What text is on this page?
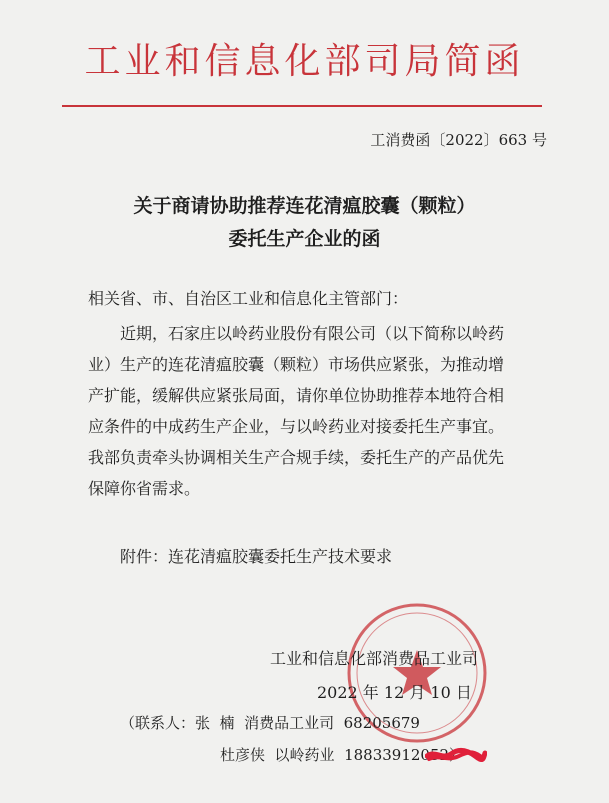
工业和信息化部司局简函
工消费函〔2022〕663 号
关于商请协助推荐连花清瘟胶囊（颗粒）
委托生产企业的函
相关省、市、自治区工业和信息化主管部门：
近期，石家庄以岭药业股份有限公司（以下简称以岭药
业）生产的连花清瘟胶囊（颗粒）市场供应紧张，为推动增
产扩能，缓解供应紧张局面，请你单位协助推荐本地符合相
应条件的中成药生产企业，与以岭药业对接委托生产事宜。
我部负责牵头协调相关生产合规手续，委托生产的产品优先
保障你省需求。
附件：连花清瘟胶囊委托生产技术要求
工业和信息化部消费品工业司
2022 年 12 月 10 日
（联系人：张  楠  消费品工业司  68205679
杜彦侠  以岭药业  18833912052）
